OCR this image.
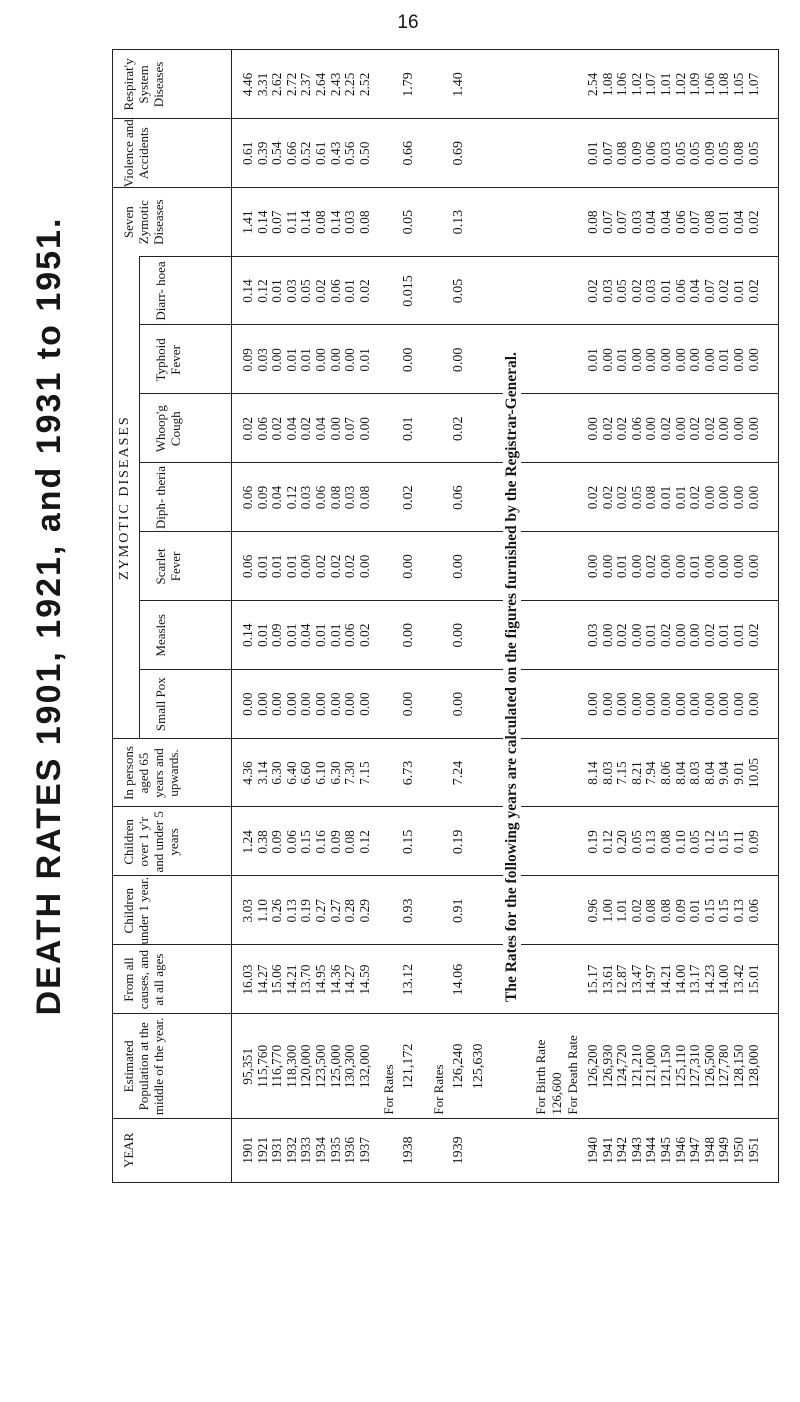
16
DEATH RATES 1901, 1921, and 1931 to 1951.	ZYMOTIC DISEASES
YEAR
Estimated Population at the middle of the year.
From all causes, and at all ages
Children under 1 year.
Children over 1 y'r and under 5 years
In persons aged 65 years and upwards.
Small Pox
Measles
Scarlet Fever
Diph- theria
Whoop'g Cough
Typhoid Fever
Diarr- hoea
Seven Zymotic Diseases
Violence and Accidents
Respirat'y System Diseases
1901 1921 1931 1932 1933 1934 1935 1936 1937
95,351 115,760 116,770 118,300 120,000 123,500 125,000 130,300 132,000
16.03 14.27 15.06 14.21 13.70 14.95 14.36 14.27 14.59
3.03 1.10 0.26 0.13 0.19 0.27 0.27 0.28 0.29
1.24 0.38 0.09 0.06 0.15 0.16 0.09 0.08 0.12
4.36 3.14 6.30 6.40 6.60 6.10 6.30 7.30 7.15
0.00 0.00 0.00 0.00 0.00 0.00 0.00 0.00 0.00
0.14 0.01 0.09 0.01 0.04 0.01 0.01 0.06 0.02
0.06 0.01 0.01 0.01 0.00 0.02 0.02 0.02 0.00
0.06 0.09 0.04 0.12 0.03 0.06 0.08 0.03 0.08
0.02 0.06 0.02 0.04 0.02 0.04 0.00 0.07 0.00
0.09 0.03 0.00 0.01 0.01 0.00 0.00 0.00 0.01
0.14 0.12 0.01 0.03 0.05 0.02 0.06 0.01 0.02
1.41 0.14 0.07 0.11 0.14 0.08 0.14 0.03 0.08
0.61 0.39 0.54 0.66 0.52 0.61 0.43 0.56 0.50
4.46 3.31 2.62 2.72 2.37 2.64 2.43 2.25 2.52
For Rates
1938
121,172
13.12
0.93
0.15
6.73
0.00
0.00
0.00
0.02
0.01
0.00
0.015
0.05
0.66
1.79
For Rates
1939
126,240
14.06
0.91
0.19
7.24
0.00
0.00
0.00
0.06
0.02
0.00
0.05
0.13
0.69
1.40
125,630
The Rates for the following years are calculated on the figures furnished by the Registrar-General.
For Birth Rate 126,600 For Death Rate
1940 1941 1942 1943 1944 1945 1946 1947 1948 1949 1950 1951
126,200 126,930 124,720 121,210 121,000 121,150 125,110 127,310 126,500 127,780 128,150 128,000
15.17 13.61 12.87 13.47 14.97 14.21 14.00 13.17 14.23 14.00 13.42 15.01
0.96 1.00 1.01 0.02 0.08 0.08 0.09 0.01 0.15 0.15 0.13 0.06
0.19 0.12 0.20 0.05 0.13 0.08 0.10 0.05 0.12 0.15 0.11 0.09
8.14 8.03 7.15 8.21 7.94 8.06 8.04 8.03 8.04 9.04 9.01 10.05
0.00 0.00 0.00 0.00 0.00 0.00 0.00 0.00 0.00 0.00 0.00 0.00
0.03 0.00 0.02 0.00 0.01 0.02 0.00 0.00 0.02 0.01 0.01 0.02
0.00 0.00 0.01 0.00 0.02 0.00 0.00 0.01 0.00 0.00 0.00 0.00
0.02 0.02 0.02 0.05 0.08 0.01 0.01 0.02 0.00 0.00 0.00 0.00
0.00 0.02 0.02 0.06 0.00 0.02 0.00 0.02 0.02 0.00 0.00 0.00
0.01 0.00 0.01 0.00 0.00 0.00 0.00 0.00 0.00 0.01 0.00 0.00
0.02 0.03 0.05 0.02 0.03 0.01 0.06 0.04 0.07 0.02 0.01 0.02
0.08 0.07 0.07 0.03 0.04 0.04 0.06 0.07 0.08 0.01 0.04 0.02
0.01 0.07 0.08 0.09 0.06 0.03 0.05 0.05 0.09 0.05 0.08 0.05
2.54 1.08 1.06 1.02 1.07 1.01 1.02 1.09 1.06 1.08 1.05 1.07
